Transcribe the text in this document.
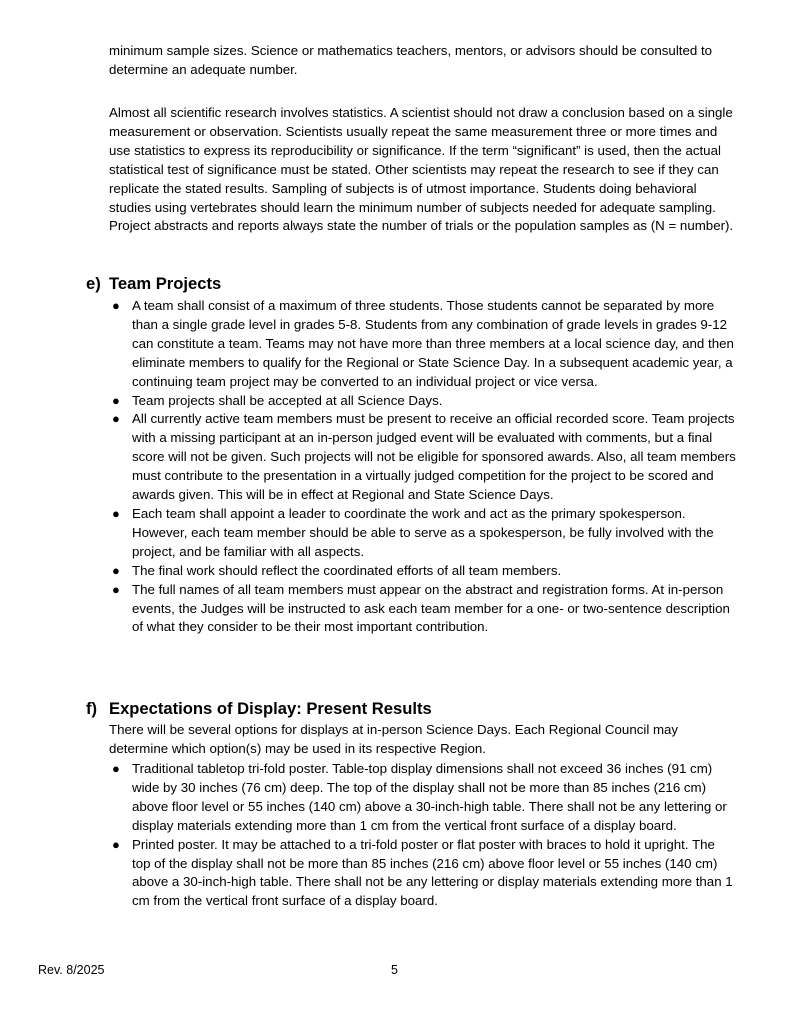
minimum sample sizes. Science or mathematics teachers, mentors, or advisors should be consulted to determine an adequate number.

Almost all scientific research involves statistics. A scientist should not draw a conclusion based on a single measurement or observation. Scientists usually repeat the same measurement three or more times and use statistics to express its reproducibility or significance. If the term “significant” is used, then the actual statistical test of significance must be stated. Other scientists may repeat the research to see if they can replicate the stated results. Sampling of subjects is of utmost importance. Students doing behavioral studies using vertebrates should learn the minimum number of subjects needed for adequate sampling. Project abstracts and reports always state the number of trials or the population samples as (N = number).

e) Team Projects
● A team shall consist of a maximum of three students. Those students cannot be separated by more than a single grade level in grades 5-8. Students from any combination of grade levels in grades 9-12 can constitute a team. Teams may not have more than three members at a local science day, and then eliminate members to qualify for the Regional or State Science Day. In a subsequent academic year, a continuing team project may be converted to an individual project or vice versa.
● Team projects shall be accepted at all Science Days.
● All currently active team members must be present to receive an official recorded score. Team projects with a missing participant at an in-person judged event will be evaluated with comments, but a final score will not be given. Such projects will not be eligible for sponsored awards. Also, all team members must contribute to the presentation in a virtually judged competition for the project to be scored and awards given. This will be in effect at Regional and State Science Days.
● Each team shall appoint a leader to coordinate the work and act as the primary spokesperson. However, each team member should be able to serve as a spokesperson, be fully involved with the project, and be familiar with all aspects.
● The final work should reflect the coordinated efforts of all team members.
● The full names of all team members must appear on the abstract and registration forms. At in-person events, the Judges will be instructed to ask each team member for a one- or two-sentence description of what they consider to be their most important contribution.
f) Expectations of Display: Present Results

There will be several options for displays at in-person Science Days. Each Regional Council may determine which option(s) may be used in its respective Region.

● Traditional tabletop tri-fold poster. Table-top display dimensions shall not exceed 36 inches (91 cm) wide by 30 inches (76 cm) deep. The top of the display shall not be more than 85 inches (216 cm) above floor level or 55 inches (140 cm) above a 30-inch-high table. There shall not be any lettering or display materials extending more than 1 cm from the vertical front surface of a display board.
● Printed poster. It may be attached to a tri-fold poster or flat poster with braces to hold it upright. The top of the display shall not be more than 85 inches (216 cm) above floor level or 55 inches (140 cm) above a 30-inch-high table. There shall not be any lettering or display materials extending more than 1 cm from the vertical front surface of a display board.
Rev. 8/2025	5
